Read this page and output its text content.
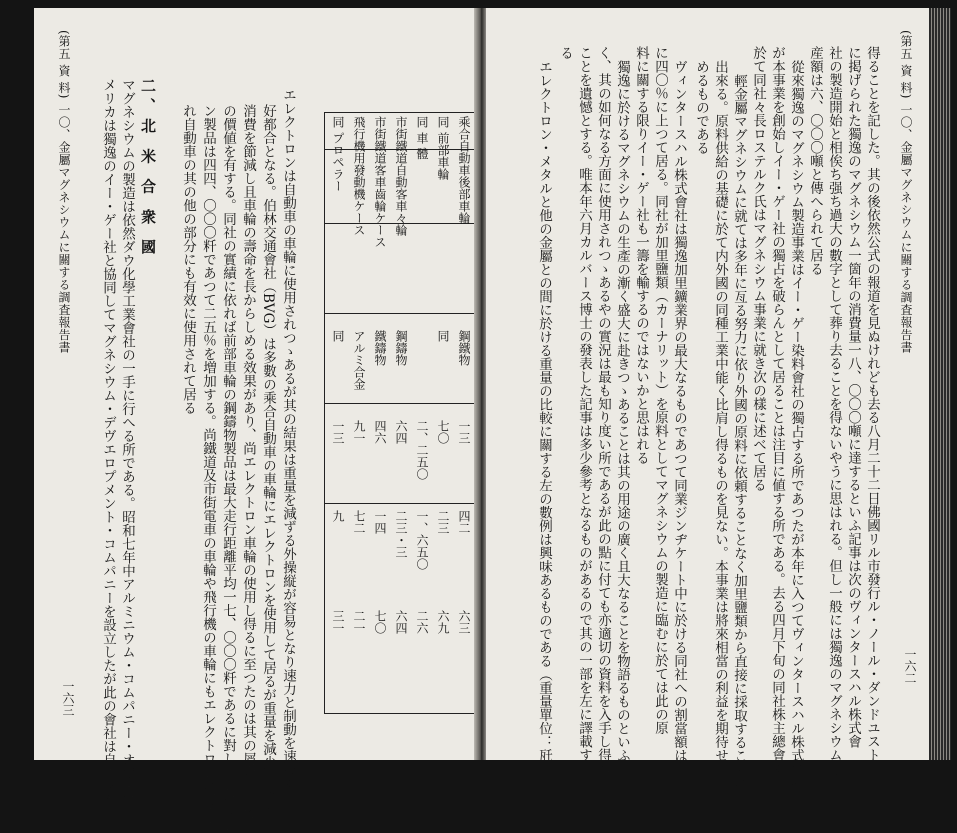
(第五 資 料) 一〇、金屬マグネシウムに關する調査報告書
一六三 メリカは獨逸のイー・ゲー社と協同してマグネシウム・デヴエロプメント・コムパニーを設立したが此の會社は自らマグ マグネシウムの製造は依然ダウ化學工業會社の一手に行へる所である。昭和七年中アルミニウム・コムパニー・オヴ・ア 二、北 米 合 衆 國 れ自動車の其の他の部分にも有效に使用されて居る ン製品は四四、〇〇〇粁であつて二五％を増加する。尚鐵道及市街電車の車輪や飛行機の車輪にもエレクトロンが用ゐら の價値を有する。同社の實績に依れば前部車輪の鋼鑄物製品は最大走行距離平均一七、〇〇〇粁であるに對しエレクトロ 消費を節減し且車輪の壽命を長からしめる效果があり、尚エレクトロン車輪の使用し得るに至つたのは其の屑金として 好都合となる。伯林交通會社（BVG）は多數の乘合自動車の車輪にエレクトロンを使用して居るが重量を減少し護謨の エレクトロンは自動車の車輪に使用されつゝあるが其の結果は重量を減ずる外操縦が容易となり速力と制動を速めに	乘合自動車後部車輪
鋼鐵物
一三
四二
六三
同 前部車輪
同
七〇
二三
六九
同 車 體
二、二五〇
一、六五〇
二六
市街鐵道自動客車々輪
鋼鑄物
六四
二三・三
六四
市街鐵道客車齒輪ケース
鐵鑄物
四六
一四
七〇
飛行機用發動機ケース
アルミ合金
九一
七二
二一
同 プロペラー
同
一三
九
三一
(第五 資 料) 一〇、金屬マグネシウムに關する調査報告書
一六二
得ることを記した。其の後依然公式の報道を見ぬけれども去る八月二十二日佛國リル市發行ル・ノール・ダンドユストリ
に掲げられた獨逸のマグネシウム一箇年の消費量一八、〇〇〇噸に達するといふ記事は次のヴィンタースハル株式會
社の製造開始と相俟ち强ち過大の數字として葬り去ることを得ないやうに思はれる。但し一般には獨逸のマグネシウム年
産額は六、〇〇〇噸と傳へられて居る
從來獨逸のマグネシウム製造事業はイー・ゲー染料會社の獨占する所であつたが本年に入つてヴィンタースハル株式會社
が本事業を創始しイー・ゲー社の獨占を破らんとして居ることは注目に値する所である。去る四月下旬の同社株主總會に
於て同社々長ロステルク氏はマグネシウム事業に就き次の樣に述べて居る
輕金屬マグネシウムに就ては多年に亙る努力に依り外國の原料に依頼することなく加里鹽類から直接に採取することが
出來る。原料供給の基礎に於て内外國の同種工業中能く比肩し得るものを見ない。本事業は將來相當の利益を期待せし
めるものである
ヴィンタースハル株式會社は獨逸加里鑛業界の最大なるものであつて同業ジンヂケート中に於ける同社への割當額は實
に四〇％に上つて居る。同社が加里鹽類（カーナリット）を原料としてマグネシウムの製造に臨むに於ては此の原
料に關する限りイー・ゲー社も一籌を輸するのではないかと思はれる
獨逸に於けるマグネシウムの生產の漸く盛大に赴きつゝあることは其の用途の廣く且大なることを物語るものといふべ
く、其の如何なる方面に使用されつゝあるやの實況は最も知り度い所であるが此の點に付ても亦適切の資料を入手し得ぬ
ことを遺憾とする。唯本年六月カルバース博士の發表した記事は多少參考となるものがあるので其の一部を左に譯載す
る
エレクトロン・メタルと他の金屬との間に於ける重量の比較に關する左の數例は興味あるものである（重量單位：瓩）
